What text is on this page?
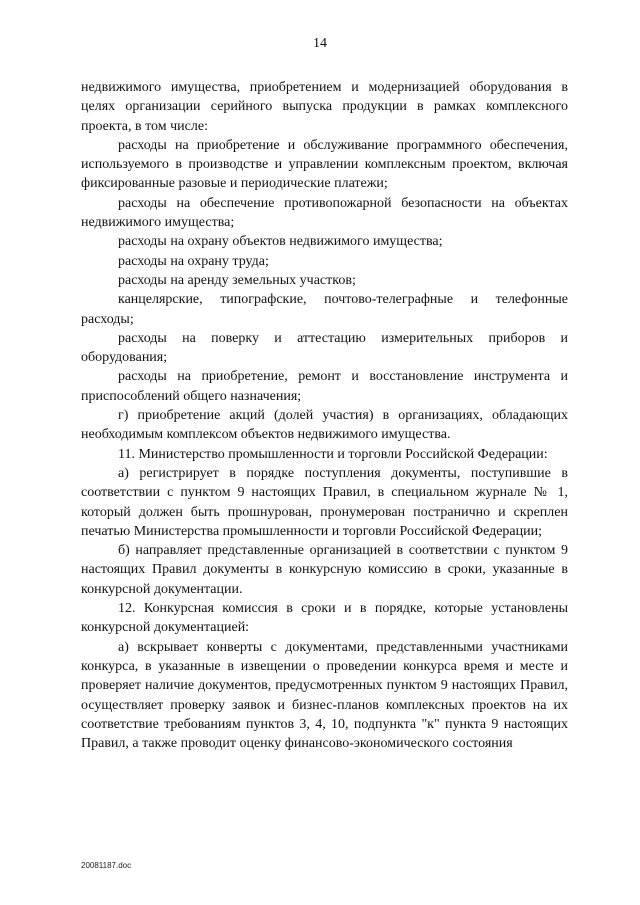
14

недвижимого имущества, приобретением и модернизацией оборудования в целях организации серийного выпуска продукции в рамках комплексного проекта, в том числе:

расходы на приобретение и обслуживание программного обеспечения, используемого в производстве и управлении комплексным проектом, включая фиксированные разовые и периодические платежи;

расходы на обеспечение противопожарной безопасности на объектах недвижимого имущества;

расходы на охрану объектов недвижимого имущества;

расходы на охрану труда;

расходы на аренду земельных участков;

канцелярские, типографские, почтово-телеграфные и телефонные расходы;

расходы на поверку и аттестацию измерительных приборов и оборудования;

расходы на приобретение, ремонт и восстановление инструмента и приспособлений общего назначения;

г) приобретение акций (долей участия) в организациях, обладающих необходимым комплексом объектов недвижимого имущества.

11. Министерство промышленности и торговли Российской Федерации:

а) регистрирует в порядке поступления документы, поступившие в соответствии с пунктом 9 настоящих Правил, в специальном журнале № 1, который должен быть прошнурован, пронумерован постранично и скреплен печатью Министерства промышленности и торговли Российской Федерации;

б) направляет представленные организацией в соответствии с пунктом 9 настоящих Правил документы в конкурсную комиссию в сроки, указанные в конкурсной документации.

12. Конкурсная комиссия в сроки и в порядке, которые установлены конкурсной документацией:

а) вскрывает конверты с документами, представленными участниками конкурса, в указанные в извещении о проведении конкурса время и месте и проверяет наличие документов, предусмотренных пунктом 9 настоящих Правил, осуществляет проверку заявок и бизнес-планов комплексных проектов на их соответствие требованиям пунктов 3, 4, 10, подпункта "к" пункта 9 настоящих Правил, а также проводит оценку финансово-экономического состояния

20081187.doc
